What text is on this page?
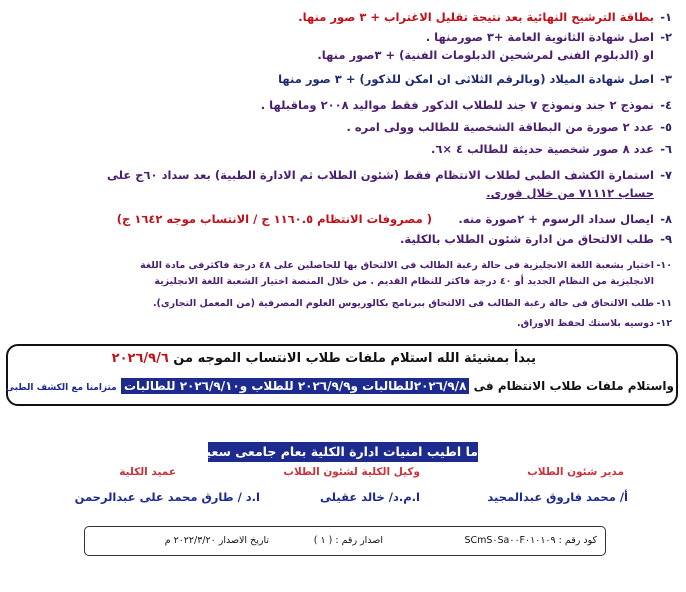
١-بطاقة الترشيح النهائية بعد نتيجة تقليل الاغتراب + ٣ صور منها.
٢-اصل شهادة الثانوية العامة +٣ صورمنها .
او (الدبلوم الفنى لمرشحين الدبلومات الفنية) + ٣صور منها.
٣-اصل شهادة الميلاد (وبالرقم الثلاثى ان امكن للذكور) + ٣ صور منها
٤-نموذج ٢ جند ونموذج ٧ جند للطلاب الذكور فقط مواليد ٢٠٠٨ وماقبلها .
٥-عدد ٢ صورة من البطاقة الشخصية للطالب وولى امره .
٦-عدد ٨ صور شخصية حديثة للطالب ٤ ×٦.
٧-استمارة الكشف الطبى لطلاب الانتظام فقط (شئون الطلاب ثم الادارة الطبية) بعد سداد ٦٠ج على
حساب ٧١١١٢ من خلال فورى.
٨-ايصال سداد الرسوم + ٢صورة منه.
( مصروفات الانتظام ١١٦٠.٥ ج / الانتساب موجه ١٦٤٢ ج)
٩-طلب الالتحاق من ادارة شئون الطلاب بالكلية.
١٠-اختيار بشعبة اللغة الانجليزية فى حالة رغبة الطالب فى الالتحاق بها للحاصلين على ٤٨ درجة فاكثرفى مادة اللغة
الانجليزية من النظام الجديد أو ٤٠ درجة فاكثر للنظام القديم . من خلال المنصة اختيار الشعبة اللغة الانجليزية
١١-طلب الالتحاق فى حالة رغبة الطالب فى الالتحاق ببرنامج بكالوريوس العلوم المصرفية (من المعمل التجارى).
١٢-دوسيه بلاستك لحفظ الاوراق.
يبدأ بمشيئة الله استلام ملفات طلاب الانتساب الموجه من ٢٠٢٦/٩/٦
واستلام ملفات طلاب الانتظام فى ٢٠٢٦/٩/٨للطالبات و٢٠٢٦/٩/٩ للطلاب و٢٠٢٦/٩/١٠ للطالبات متزامنا مع الكشف الطبى
ما اطيب امنيات ادارة الكلية بعام جامعى سعيد.،،
مدير شئون الطلاب
وكيل الكلية لشئون الطلاب
عميد الكلية
أ/ محمد فاروق عبدالمجيد
ا.م.د/ خالد عقيلى
ا.د / طارق محمد على عبدالرحمن
كود رقم : SCmS٠Sa٠٠F٠١٠١٠٩
اصدار رقم : ( ١ )
تاريخ الاصدار ٢٠٢٢/٣/٢٠ م
